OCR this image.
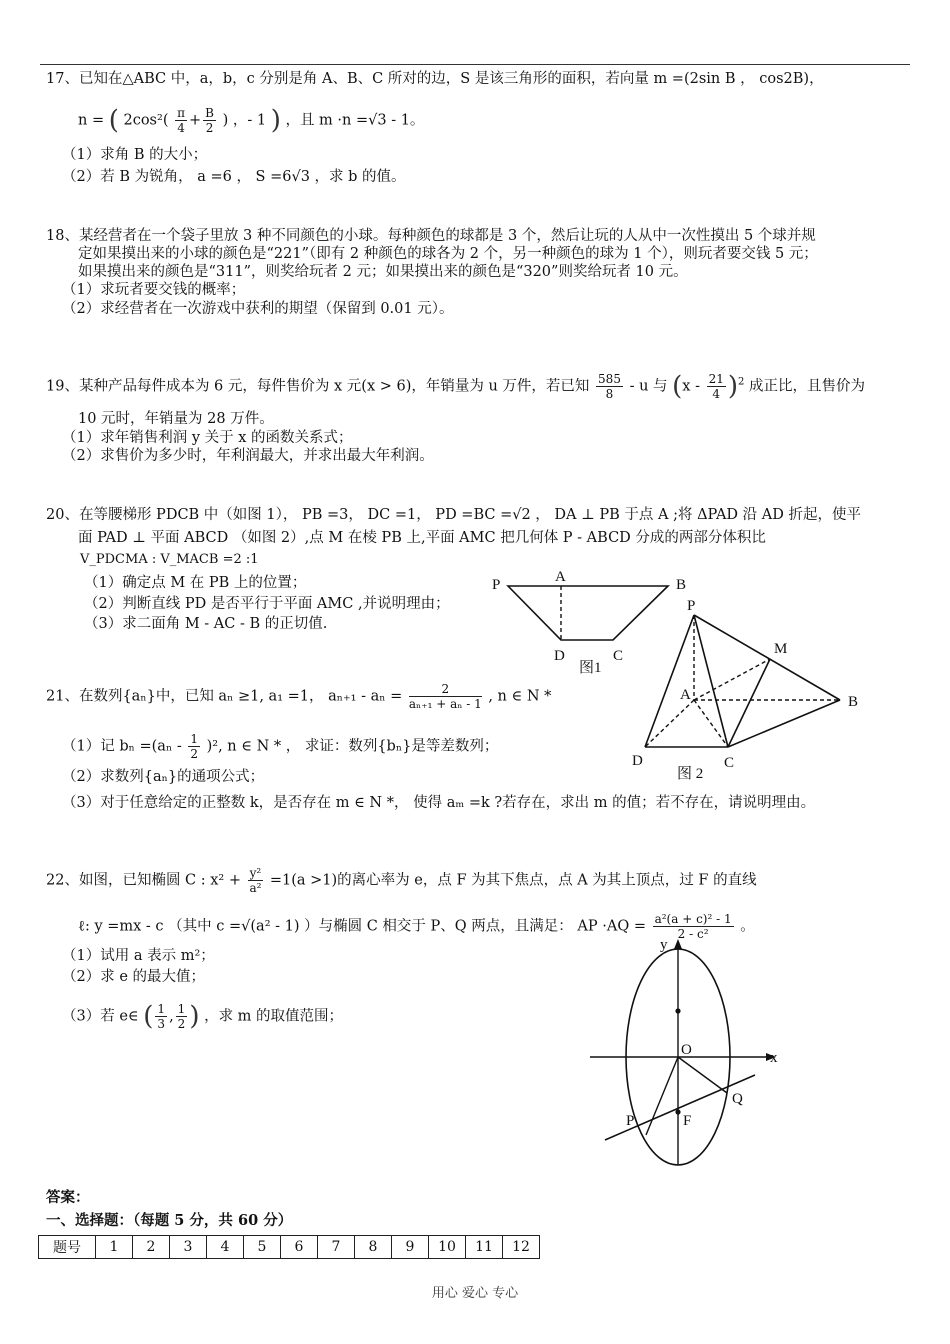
17、已知在△ABC 中，a，b，c 分别是角 A、B、C 所对的边，S 是该三角形的面积，若向量 m =(2sin B ， cos2B)，
n = ( $2\cos^2( \frac{\pi}{4} + \frac{B}{2}$ ) ，- 1 ) ，且 m ·n =√3 - 1。
（1）求角 B 的大小；
（2）若 B 为锐角， a =6 ， S =6√3 ，求 b 的值。
18、某经营者在一个袋子里放 3 种不同颜色的小球。每种颜色的球都是 3 个，然后让玩的人从中一次性摸出 5 个球并规
定如果摸出来的小球的颜色是“221”（即有 2 种颜色的球各为 2 个，另一种颜色的球为 1 个），则玩者要交钱 5 元；
如果摸出来的颜色是“311”，则奖给玩者 2 元；如果摸出来的颜色是“320”则奖给玩者 10 元。
（1）求玩者要交钱的概率；
（2）求经营者在一次游戏中获利的期望（保留到 0.01 元）。
19、某种产品每件成本为 6 元，每件售价为 x 元(x > 6)，年销量为 u 万件，若已知 $\frac{585}{8}$ - u 与 $(x - \frac{21}{4} )^2$ 成正比，且售价为
10 元时，年销量为 28 万件。
（1）求年销售利润 y 关于 x 的函数关系式；
（2）求售价为多少时，年利润最大，并求出最大年利润。
20、在等腰梯形 PDCB 中（如图 1）， PB =3， DC =1， PD =BC =√2 ， DA ⊥ PB 于点 A ;将 ΔPAD 沿 AD 折起，使平
面 PAD ⊥ 平面 ABCD （如图 2）,点 M 在棱 PB 上,平面 AMC 把几何体 P - ABCD 分成的两部分体积比
V_PDCMA : V_MACB =2 :1
（1）确定点 M 在 PB 上的位置；
（2）判断直线 PD 是否平行于平面 AMC ,并说明理由；
（3）求二面角 M - AC - B 的正切值.
P	A	B
D	C
图1
P
M
A	B
D	C
图 2
21、在数列{aₙ}中，已知 aₙ ≥1, a₁ =1， $a_{n+1} - a_n = \frac{2}{\text{aₙ₊₁ + aₙ - 1}}$ , n ∈ N *
（1）记 $b_n =(a_n - \frac{1}{2} )^2$, n ∈ N * ， 求证：数列{bₙ}是等差数列；
（2）求数列{aₙ}的通项公式；
（3）对于任意给定的正整数 k，是否存在 m ∈ N *， 使得 aₘ =k ?若存在，求出 m 的值；若不存在，请说明理由。
22、如图，已知椭圆 C : $x^2 + \frac{\text{y²}}{\text{a²}} =1(a >1)$的离心率为 e，点 F 为其下焦点，点 A 为其上顶点，过 F 的直线
ℓ: y =mx - c （其中 c =√(a² - 1) ）与椭圆 C 相交于 P、Q 两点，且满足： AP $\cdot AQ = \frac{\text{a²(a + c)² - 1}}{\text{2 - c²}}$ 。
（1）试用 a 表示 m²；
（2）求 e 的最大值；
（3）若 e∈ ( $\frac{1}{3}$ , $\frac{1}{2}$ ) ，求 m 的取值范围；
y
x
O
P	F
Q
答案：
一、选择题：（每题 5 分，共 60 分）
题号	1	2	3	4	5	6	7	8	9	10	11	12
用心 爱心 专心
